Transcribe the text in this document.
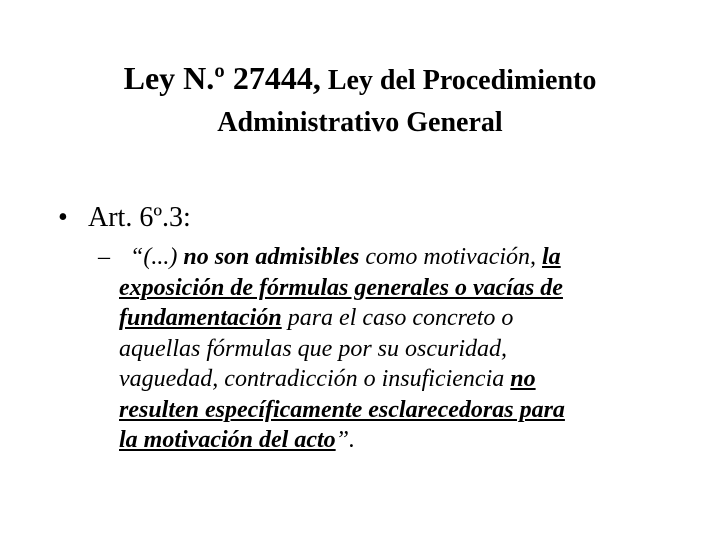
Ley N.º 27444, Ley del Procedimiento
Administrativo General
• Art. 6º.3:
– “(...) no son admisibles como motivación, la
exposición de fórmulas generales o vacías de
fundamentación para el caso concreto o
aquellas fórmulas que por su oscuridad,
vaguedad, contradicción o insuficiencia no
resulten específicamente esclarecedoras para
la motivación del acto”.
